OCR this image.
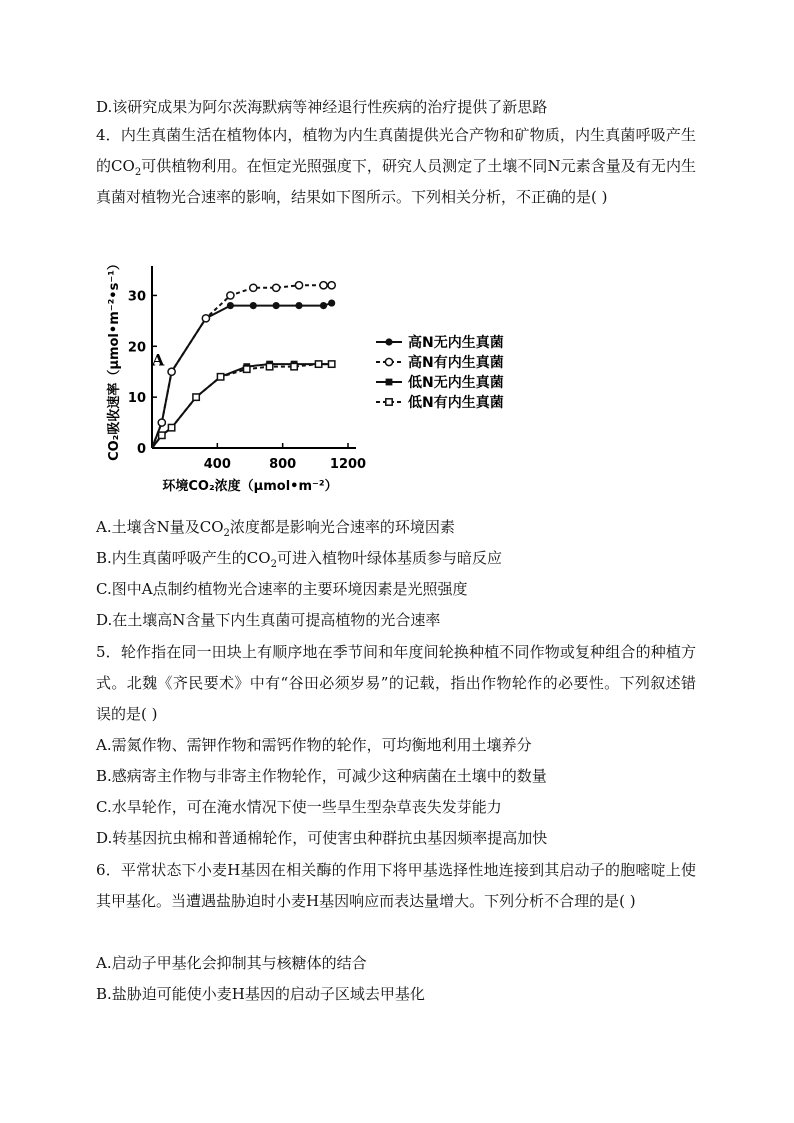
D.该研究成果为阿尔茨海默病等神经退行性疾病的治疗提供了新思路
4．内生真菌生活在植物体内，植物为内生真菌提供光合产物和矿物质，内生真菌呼吸产生的$CO_2$可供植物利用。在恒定光照强度下，研究人员测定了土壤不同N元素含量及有无内生真菌对植物光合速率的影响，结果如下图所示。下列相关分析，不正确的是( )
400	800	1200
0
10
20
30
环境CO₂浓度（μmol•m⁻²）
CO₂吸收速率（μmol•m⁻²•s⁻¹） A
高N无内生真菌
高N有内生真菌
低N无内生真菌
低N有内生真菌
A.土壤含N量及$CO_2$浓度都是影响光合速率的环境因素
B.内生真菌呼吸产生的$CO_2$可进入植物叶绿体基质参与暗反应
C.图中A点制约植物光合速率的主要环境因素是光照强度
D.在土壤高N含量下内生真菌可提高植物的光合速率
5．轮作指在同一田块上有顺序地在季节间和年度间轮换种植不同作物或复种组合的种植方式。北魏《齐民要术》中有“谷田必须岁易”的记载，指出作物轮作的必要性。下列叙述错误的是( )
A.需氮作物、需钾作物和需钙作物的轮作，可均衡地利用土壤养分
B.感病寄主作物与非寄主作物轮作，可减少这种病菌在土壤中的数量
C.水旱轮作，可在淹水情况下使一些旱生型杂草丧失发芽能力
D.转基因抗虫棉和普通棉轮作，可使害虫种群抗虫基因频率提高加快
6．平常状态下小麦H基因在相关酶的作用下将甲基选择性地连接到其启动子的胞嘧啶上使其甲基化。当遭遇盐胁迫时小麦H基因响应而表达量增大。下列分析不合理的是( )
A.启动子甲基化会抑制其与核糖体的结合
B.盐胁迫可能使小麦H基因的启动子区域去甲基化
